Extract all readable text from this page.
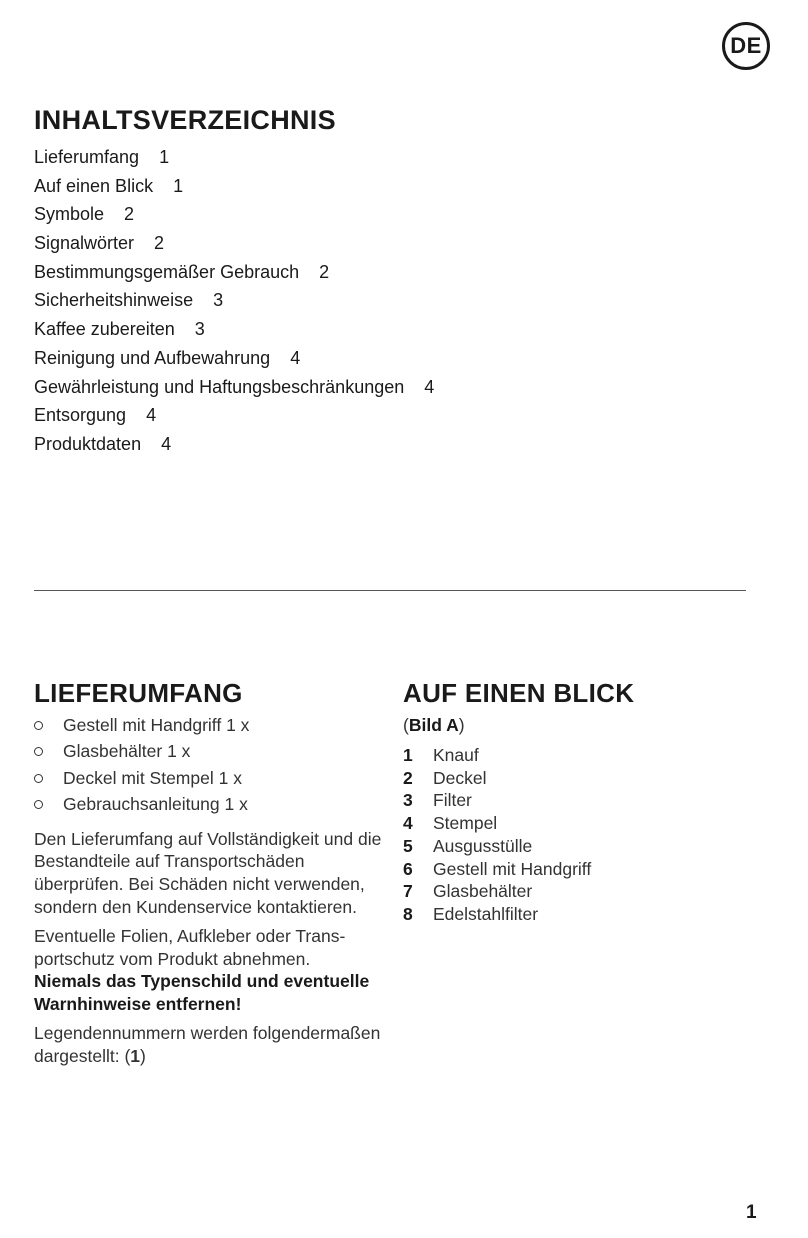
DE
INHALTSVERZEICHNIS
Lieferumfang 1
Auf einen Blick 1
Symbole 2
Signalwörter 2
Bestimmungsgemäßer Gebrauch 2
Sicherheitshinweise 3
Kaffee zubereiten 3
Reinigung und Aufbewahrung 4
Gewährleistung und Haftungsbeschränkungen 4
Entsorgung 4
Produktdaten 4
LIEFERUMFANG
Gestell mit Handgriff 1 x
Glasbehälter 1 x
Deckel mit Stempel 1 x
Gebrauchsanleitung 1 x

Den Lieferumfang auf Vollständigkeit und die Bestandteile auf Transportschäden überprüfen. Bei Schäden nicht verwenden, sondern den Kundenservice kontaktieren.

Eventuelle Folien, Aufkleber oder Transportschutz vom Produkt abnehmen.

Niemals das Typenschild und eventuelle Warnhinweise entfernen!

Legendennummern werden folgendermaßen dargestellt: (1)

AUF EINEN BLICK
(Bild A)
1 Knauf
2 Deckel
3 Filter
4 Stempel
5 Ausgusstülle
6 Gestell mit Handgriff
7 Glasbehälter
8 Edelstahlfilter
1
